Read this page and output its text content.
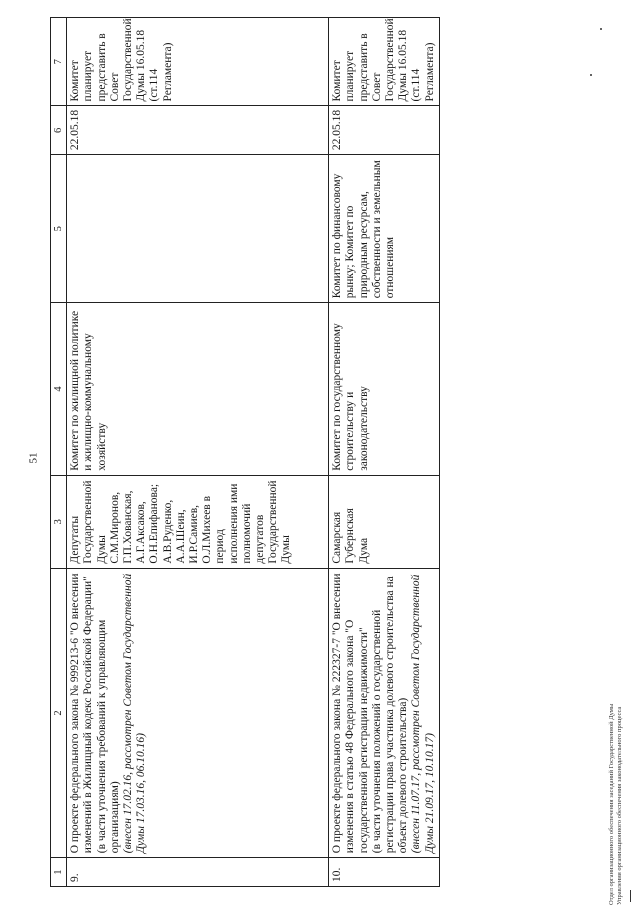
51
1	2	3	4	5	6	7
9.	О проекте федерального закона № 999213-6 "О внесении изменений в Жилищный кодекс Российской Федерации" (в части уточнения требований к управляющим организациям) (внесен 17.02.16, рассмотрен Советом Государственной Думы 17.03.16, 06.10.16)	Депутаты Государственной Думы С.М.Миронов, Г.П.Хованская, А.Г.Аксаков, О.Н.Епифанова; А.В.Руденко, А.А.Шеин, И.Р.Самиев, О.Л.Михеев в период исполнения ими полномочий депутатов Государственной Думы	Комитет по жилищной политике и жилищно-коммунальному хозяйству		22.05.18	Комитет планирует представить в Совет Государственной Думы 16.05.18 (ст.114 Регламента)
10.	О проекте федерального закона № 222327-7 "О внесении изменения в статью 48 Федерального закона "О государственной регистрации недвижимости" (в части уточнения положений о государственной регистрации права участника долевого строительства на объект долевого строительства) (внесен 11.07.17, рассмотрен Советом Государственной Думы 21.09.17, 10.10.17)	Самарская Губернская Дума	Комитет по государственному строительству и законодательству	Комитет по финансовому рынку; Комитет по природным ресурсам, собственности и земельным отношениям	22.05.18	Комитет планирует представить в Совет Государственной Думы 16.05.18 (ст.114 Регламента)
Отдел организационного обеспечения заседаний Государственной Думы Управления организационного обеспечения законодательного процесса
